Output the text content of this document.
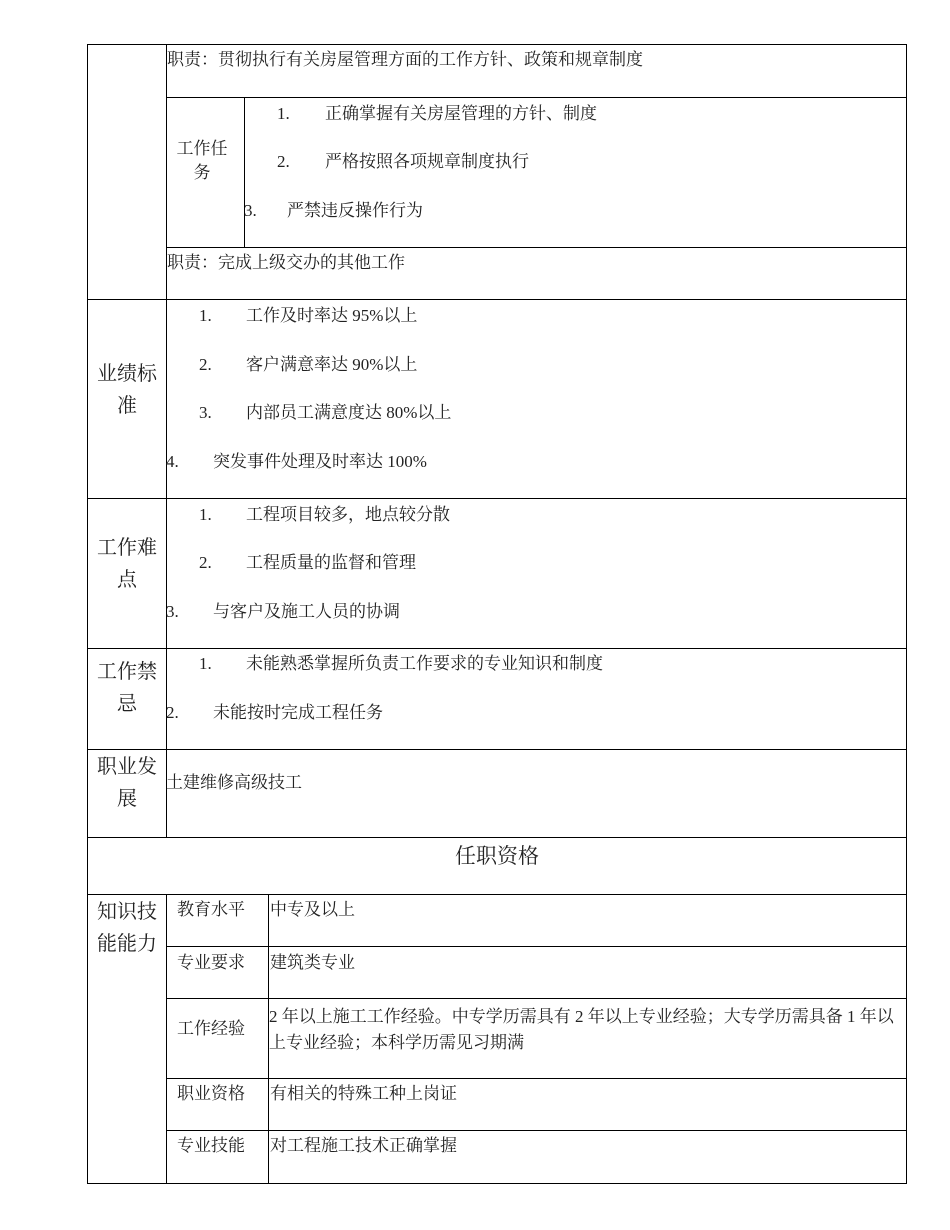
职责：贯彻执行有关房屋管理方面的工作方针、政策和规章制度
工作任务
1. 正确掌握有关房屋管理的方针、制度
2. 严格按照各项规章制度执行
3. 严禁违反操作行为
职责：完成上级交办的其他工作
业绩标准
1. 工作及时率达 95%以上
2. 客户满意率达 90%以上
3. 内部员工满意度达 80%以上
4. 突发事件处理及时率达 100%
工作难点
1. 工程项目较多，地点较分散
2. 工程质量的监督和管理
3. 与客户及施工人员的协调
工作禁忌
1. 未能熟悉掌握所负责工作要求的专业知识和制度
2. 未能按时完成工程任务
职业发展
土建维修高级技工
任职资格
知识技能能力
教育水平 中专及以上
专业要求 建筑类专业
工作经验
2 年以上施工工作经验。中专学历需具有 2 年以上专业经验；大专学历需具备 1 年以上专业经验；本科学历需见习期满
职业资格 有相关的特殊工种上岗证
专业技能 对工程施工技术正确掌握
